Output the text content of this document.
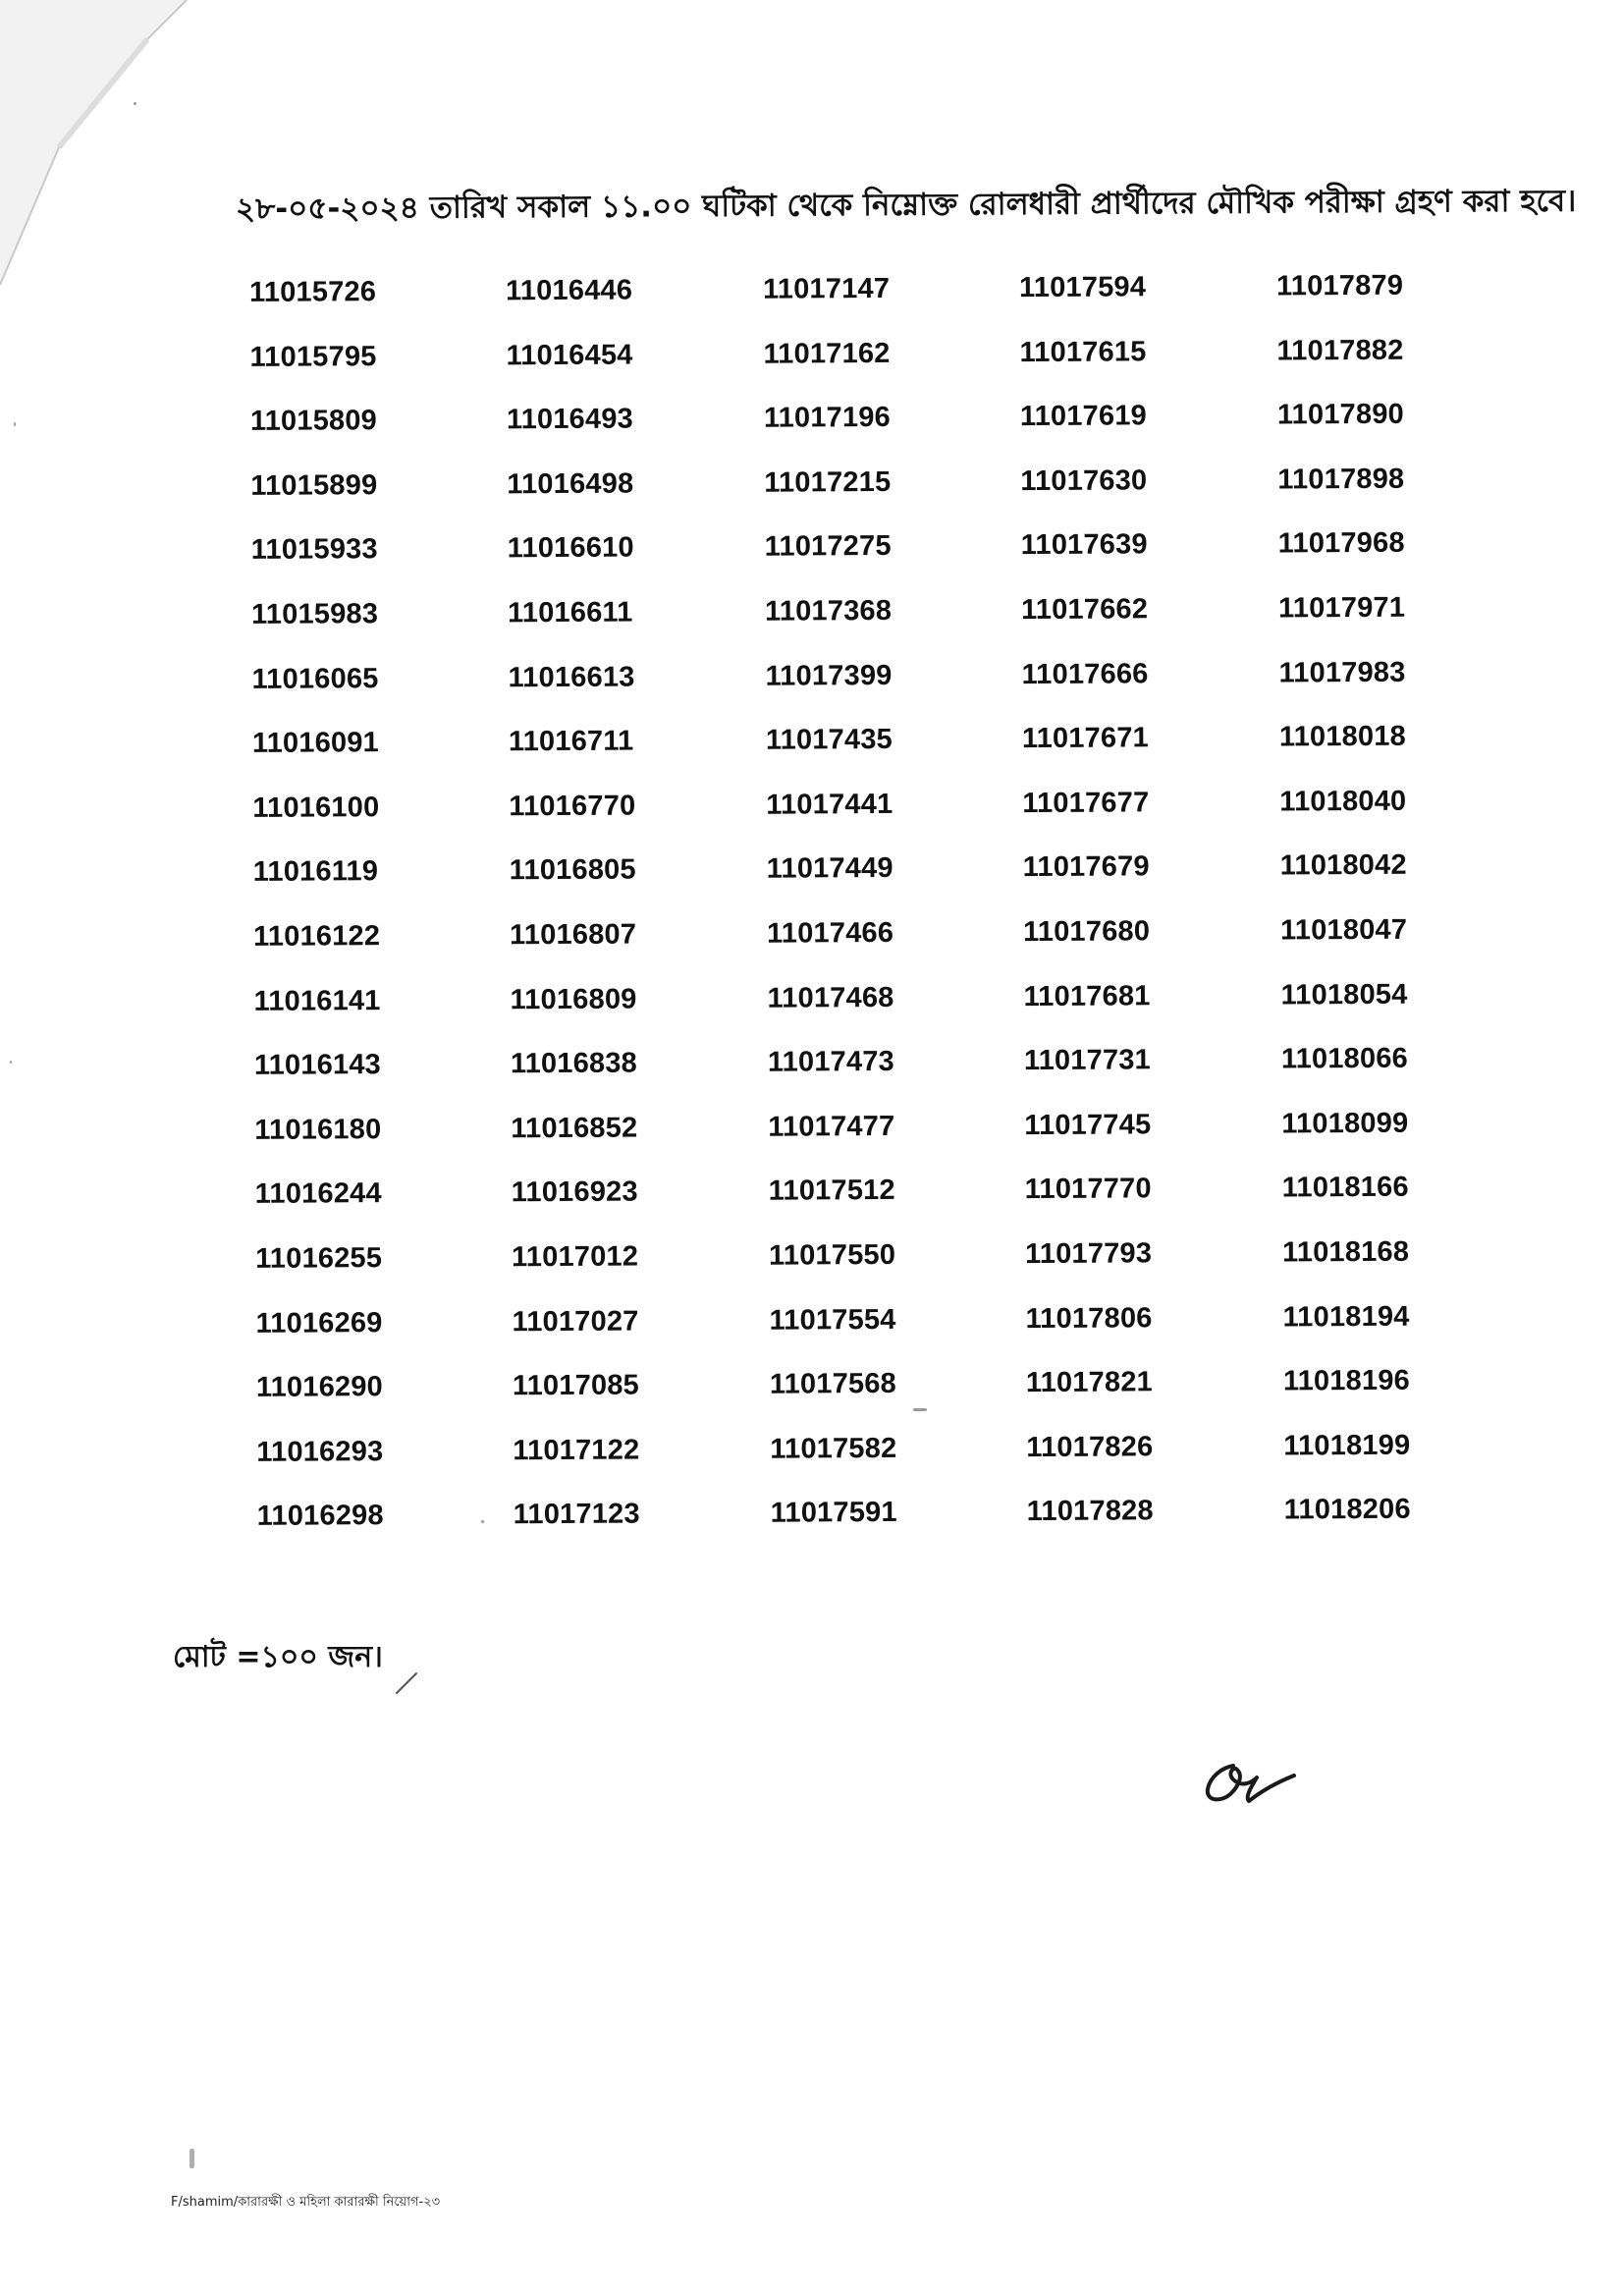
২৮-০৫-২০২৪ তারিখ সকাল ১১.০০ ঘটিকা থেকে নিম্নোক্ত রোলধারী প্রার্থীদের মৌখিক পরীক্ষা গ্রহণ করা হবে।
11015726
11015795
11015809
11015899
11015933
11015983
11016065
11016091
11016100
11016119
11016122
11016141
11016143
11016180
11016244
11016255
11016269
11016290
11016293
11016298
11016446
11016454
11016493
11016498
11016610
11016611
11016613
11016711
11016770
11016805
11016807
11016809
11016838
11016852
11016923
11017012
11017027
11017085
11017122
11017123
11017147
11017162
11017196
11017215
11017275
11017368
11017399
11017435
11017441
11017449
11017466
11017468
11017473
11017477
11017512
11017550
11017554
11017568
11017582
11017591
11017594
11017615
11017619
11017630
11017639
11017662
11017666
11017671
11017677
11017679
11017680
11017681
11017731
11017745
11017770
11017793
11017806
11017821
11017826
11017828
11017879
11017882
11017890
11017898
11017968
11017971
11017983
11018018
11018040
11018042
11018047
11018054
11018066
11018099
11018166
11018168
11018194
11018196
11018199
11018206
মোট =১০০ জন।
F/shamim/কারারক্ষী ও মহিলা কারারক্ষী নিয়োগ-২৩
